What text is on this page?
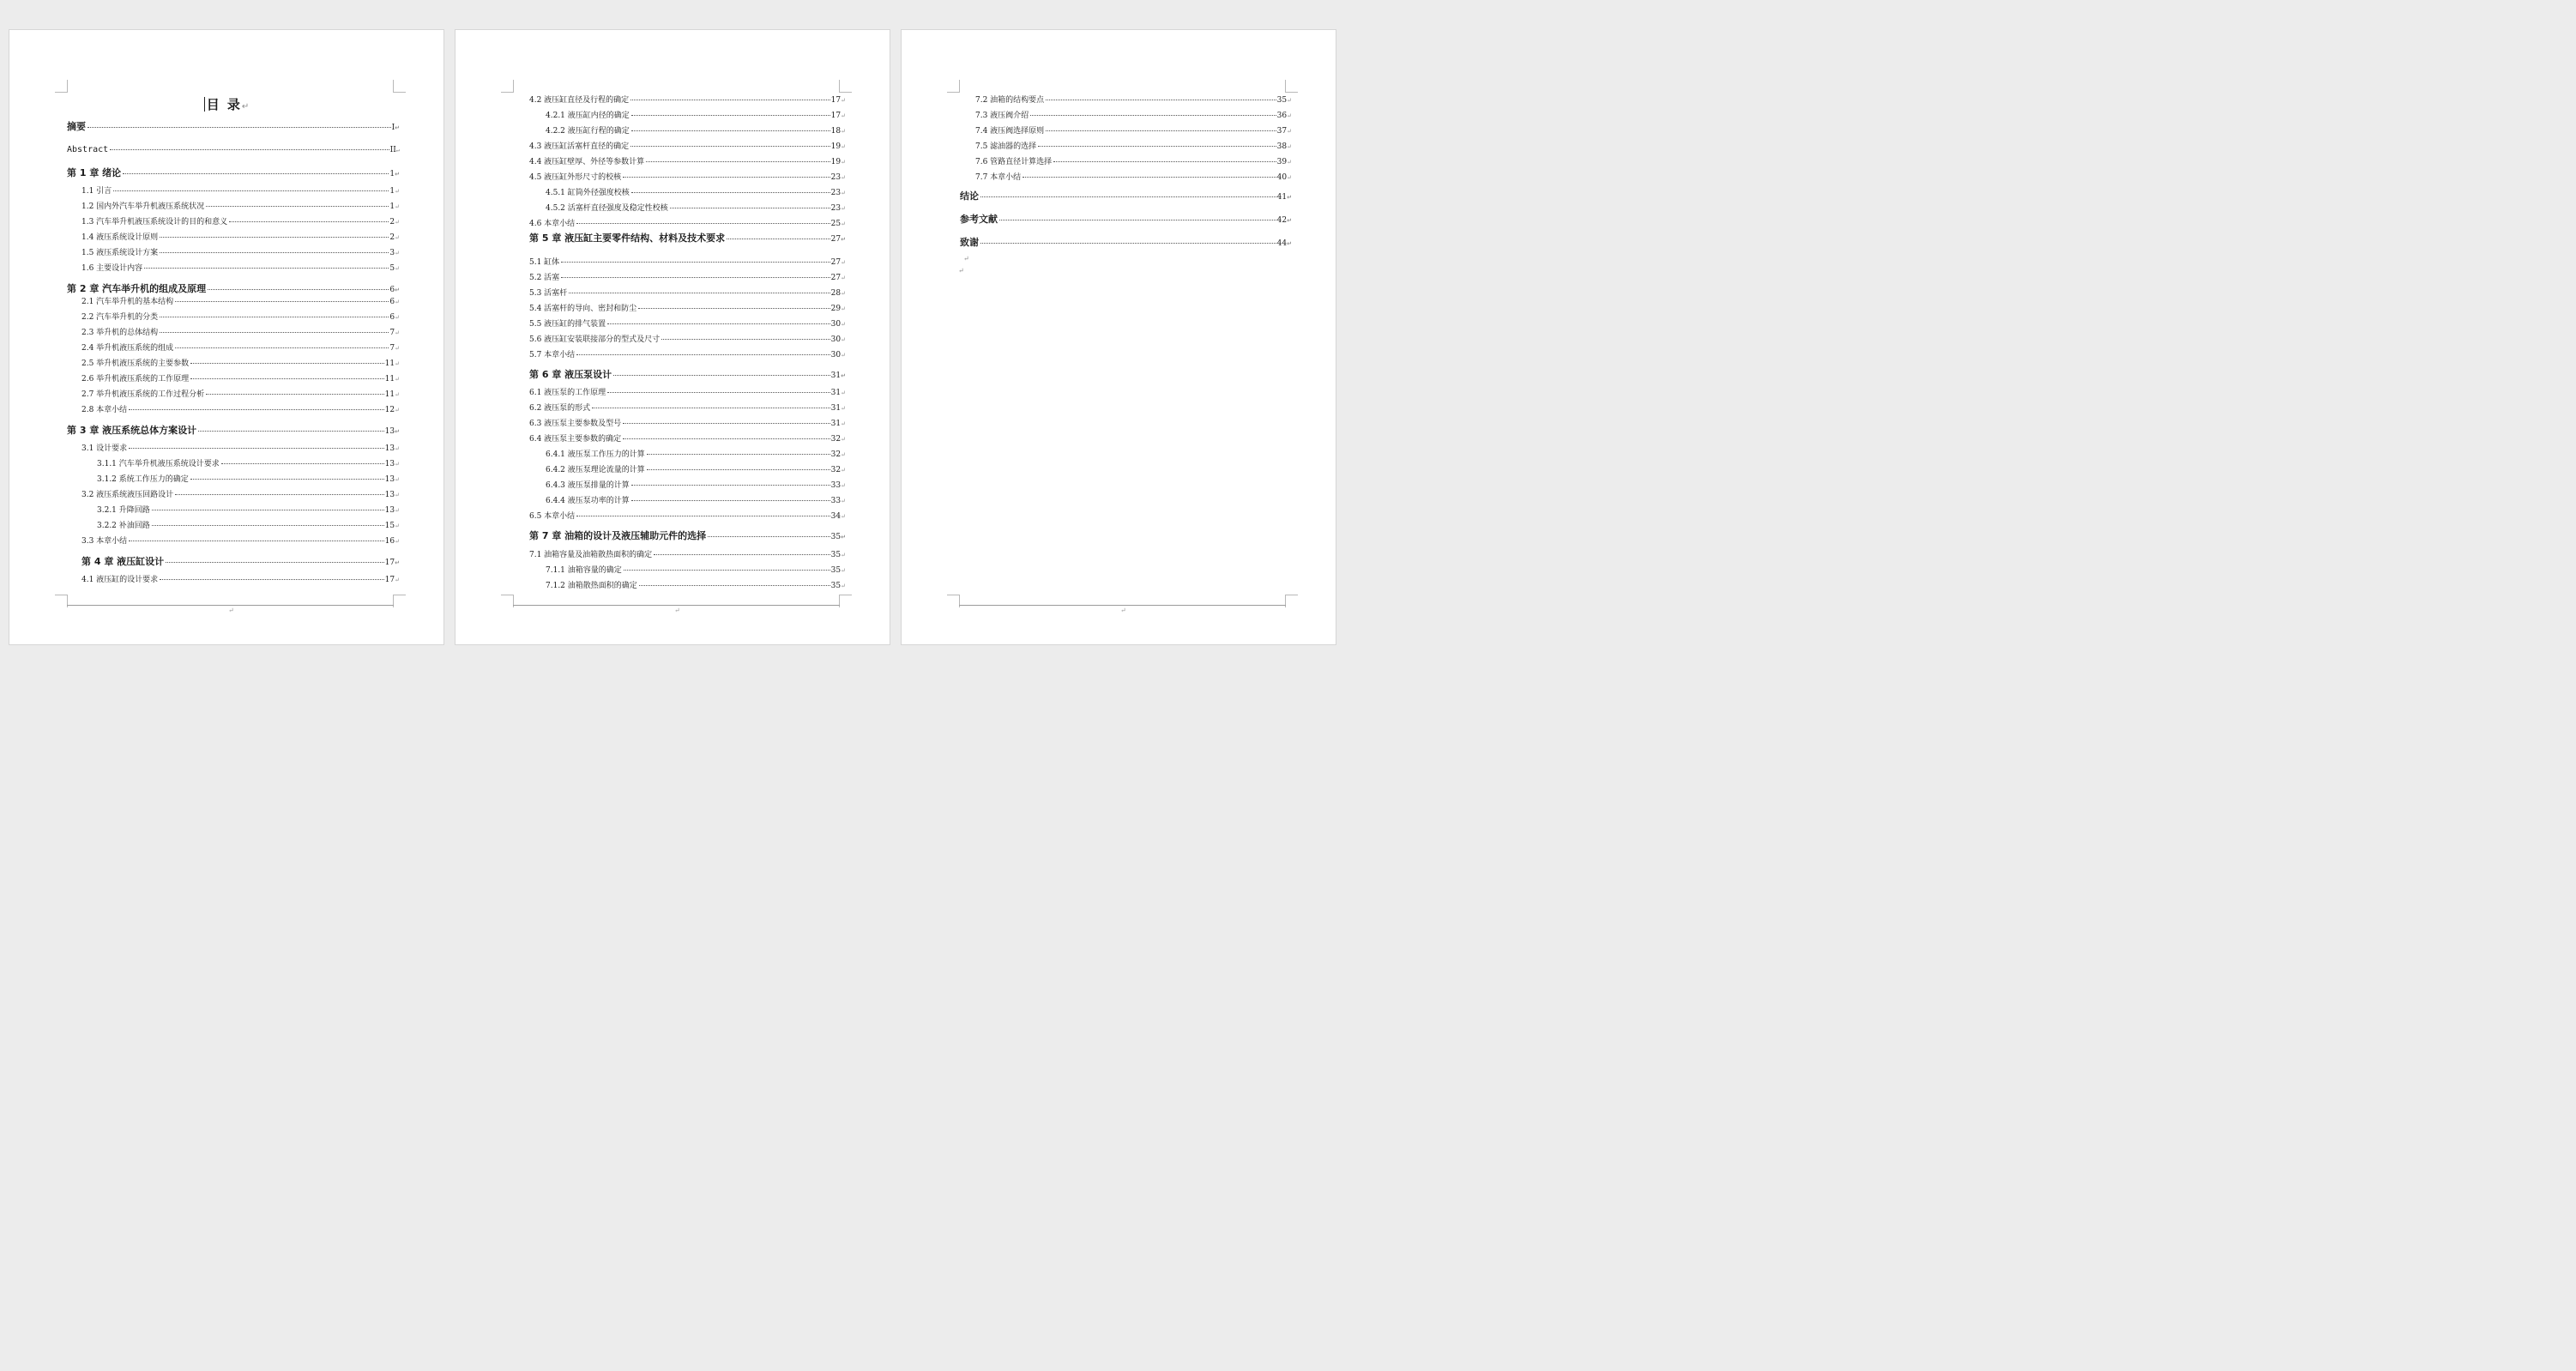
目 录↵
摘要	I ↵
Abstract	II ↵
第 1 章 绪论	1 ↵
1.1 引言	1 ↵
1.2 国内外汽车举升机液压系统状况	1 ↵
1.3 汽车举升机液压系统设计的目的和意义	2 ↵
1.4 液压系统设计原则	2 ↵
1.5 液压系统设计方案	3 ↵
1.6 主要设计内容	5 ↵
第 2 章 汽车举升机的组成及原理	6 ↵
2.1 汽车举升机的基本结构	6 ↵
2.2 汽车举升机的分类	6 ↵
2.3 举升机的总体结构	7 ↵
2.4 举升机液压系统的组成	7 ↵
2.5 举升机液压系统的主要参数	11 ↵
2.6 举升机液压系统的工作原理	11 ↵
2.7 举升机液压系统的工作过程分析	11 ↵
2.8 本章小结	12 ↵
第 3 章 液压系统总体方案设计	13 ↵
3.1 设计要求	13 ↵
3.1.1 汽车举升机液压系统设计要求	13 ↵
3.1.2 系统工作压力的确定	13 ↵
3.2 液压系统液压回路设计	13 ↵
3.2.1 升降回路	13 ↵
3.2.2 补油回路	15 ↵
3.3 本章小结	16 ↵
第 4 章 液压缸设计	17 ↵
4.1 液压缸的设计要求	17 ↵
↵
4.2 液压缸直径及行程的确定	17 ↵
4.2.1 液压缸内径的确定	17 ↵
4.2.2 液压缸行程的确定	18 ↵
4.3 液压缸活塞杆直径的确定	19 ↵
4.4 液压缸壁厚、外径等参数计算	19 ↵
4.5 液压缸外形尺寸的校核	23 ↵
4.5.1 缸筒外径强度校核	23 ↵
4.5.2 活塞杆直径强度及稳定性校核	23 ↵
4.6 本章小结	25 ↵
第 5 章 液压缸主要零件结构、材料及技术要求	27 ↵
5.1 缸体	27 ↵
5.2 活塞	27 ↵
5.3 活塞杆	28 ↵
5.4 活塞杆的导向、密封和防尘	29 ↵
5.5 液压缸的排气装置	30 ↵
5.6 液压缸安装联接部分的型式及尺寸	30 ↵
5.7 本章小结	30 ↵
第 6 章 液压泵设计	31 ↵
6.1 液压泵的工作原理	31 ↵
6.2 液压泵的形式	31 ↵
6.3 液压泵主要参数及型号	31 ↵
6.4 液压泵主要参数的确定	32 ↵
6.4.1 液压泵工作压力的计算	32 ↵
6.4.2 液压泵理论流量的计算	32 ↵
6.4.3 液压泵排量的计算	33 ↵
6.4.4 液压泵功率的计算	33 ↵
6.5 本章小结	34 ↵
第 7 章 油箱的设计及液压辅助元件的选择	35 ↵
7.1 油箱容量及油箱散热面积的确定	35 ↵
7.1.1 油箱容量的确定	35 ↵
7.1.2 油箱散热面积的确定	35 ↵
↵
7.2 油箱的结构要点	35 ↵
7.3 液压阀介绍	36 ↵
7.4 液压阀选择原则	37 ↵
7.5 滤油器的选择	38 ↵
7.6 管路直径计算选择	39 ↵
7.7 本章小结	40 ↵
结论	41 ↵
参考文献	42 ↵
致谢	44 ↵
↵
↵
↵
